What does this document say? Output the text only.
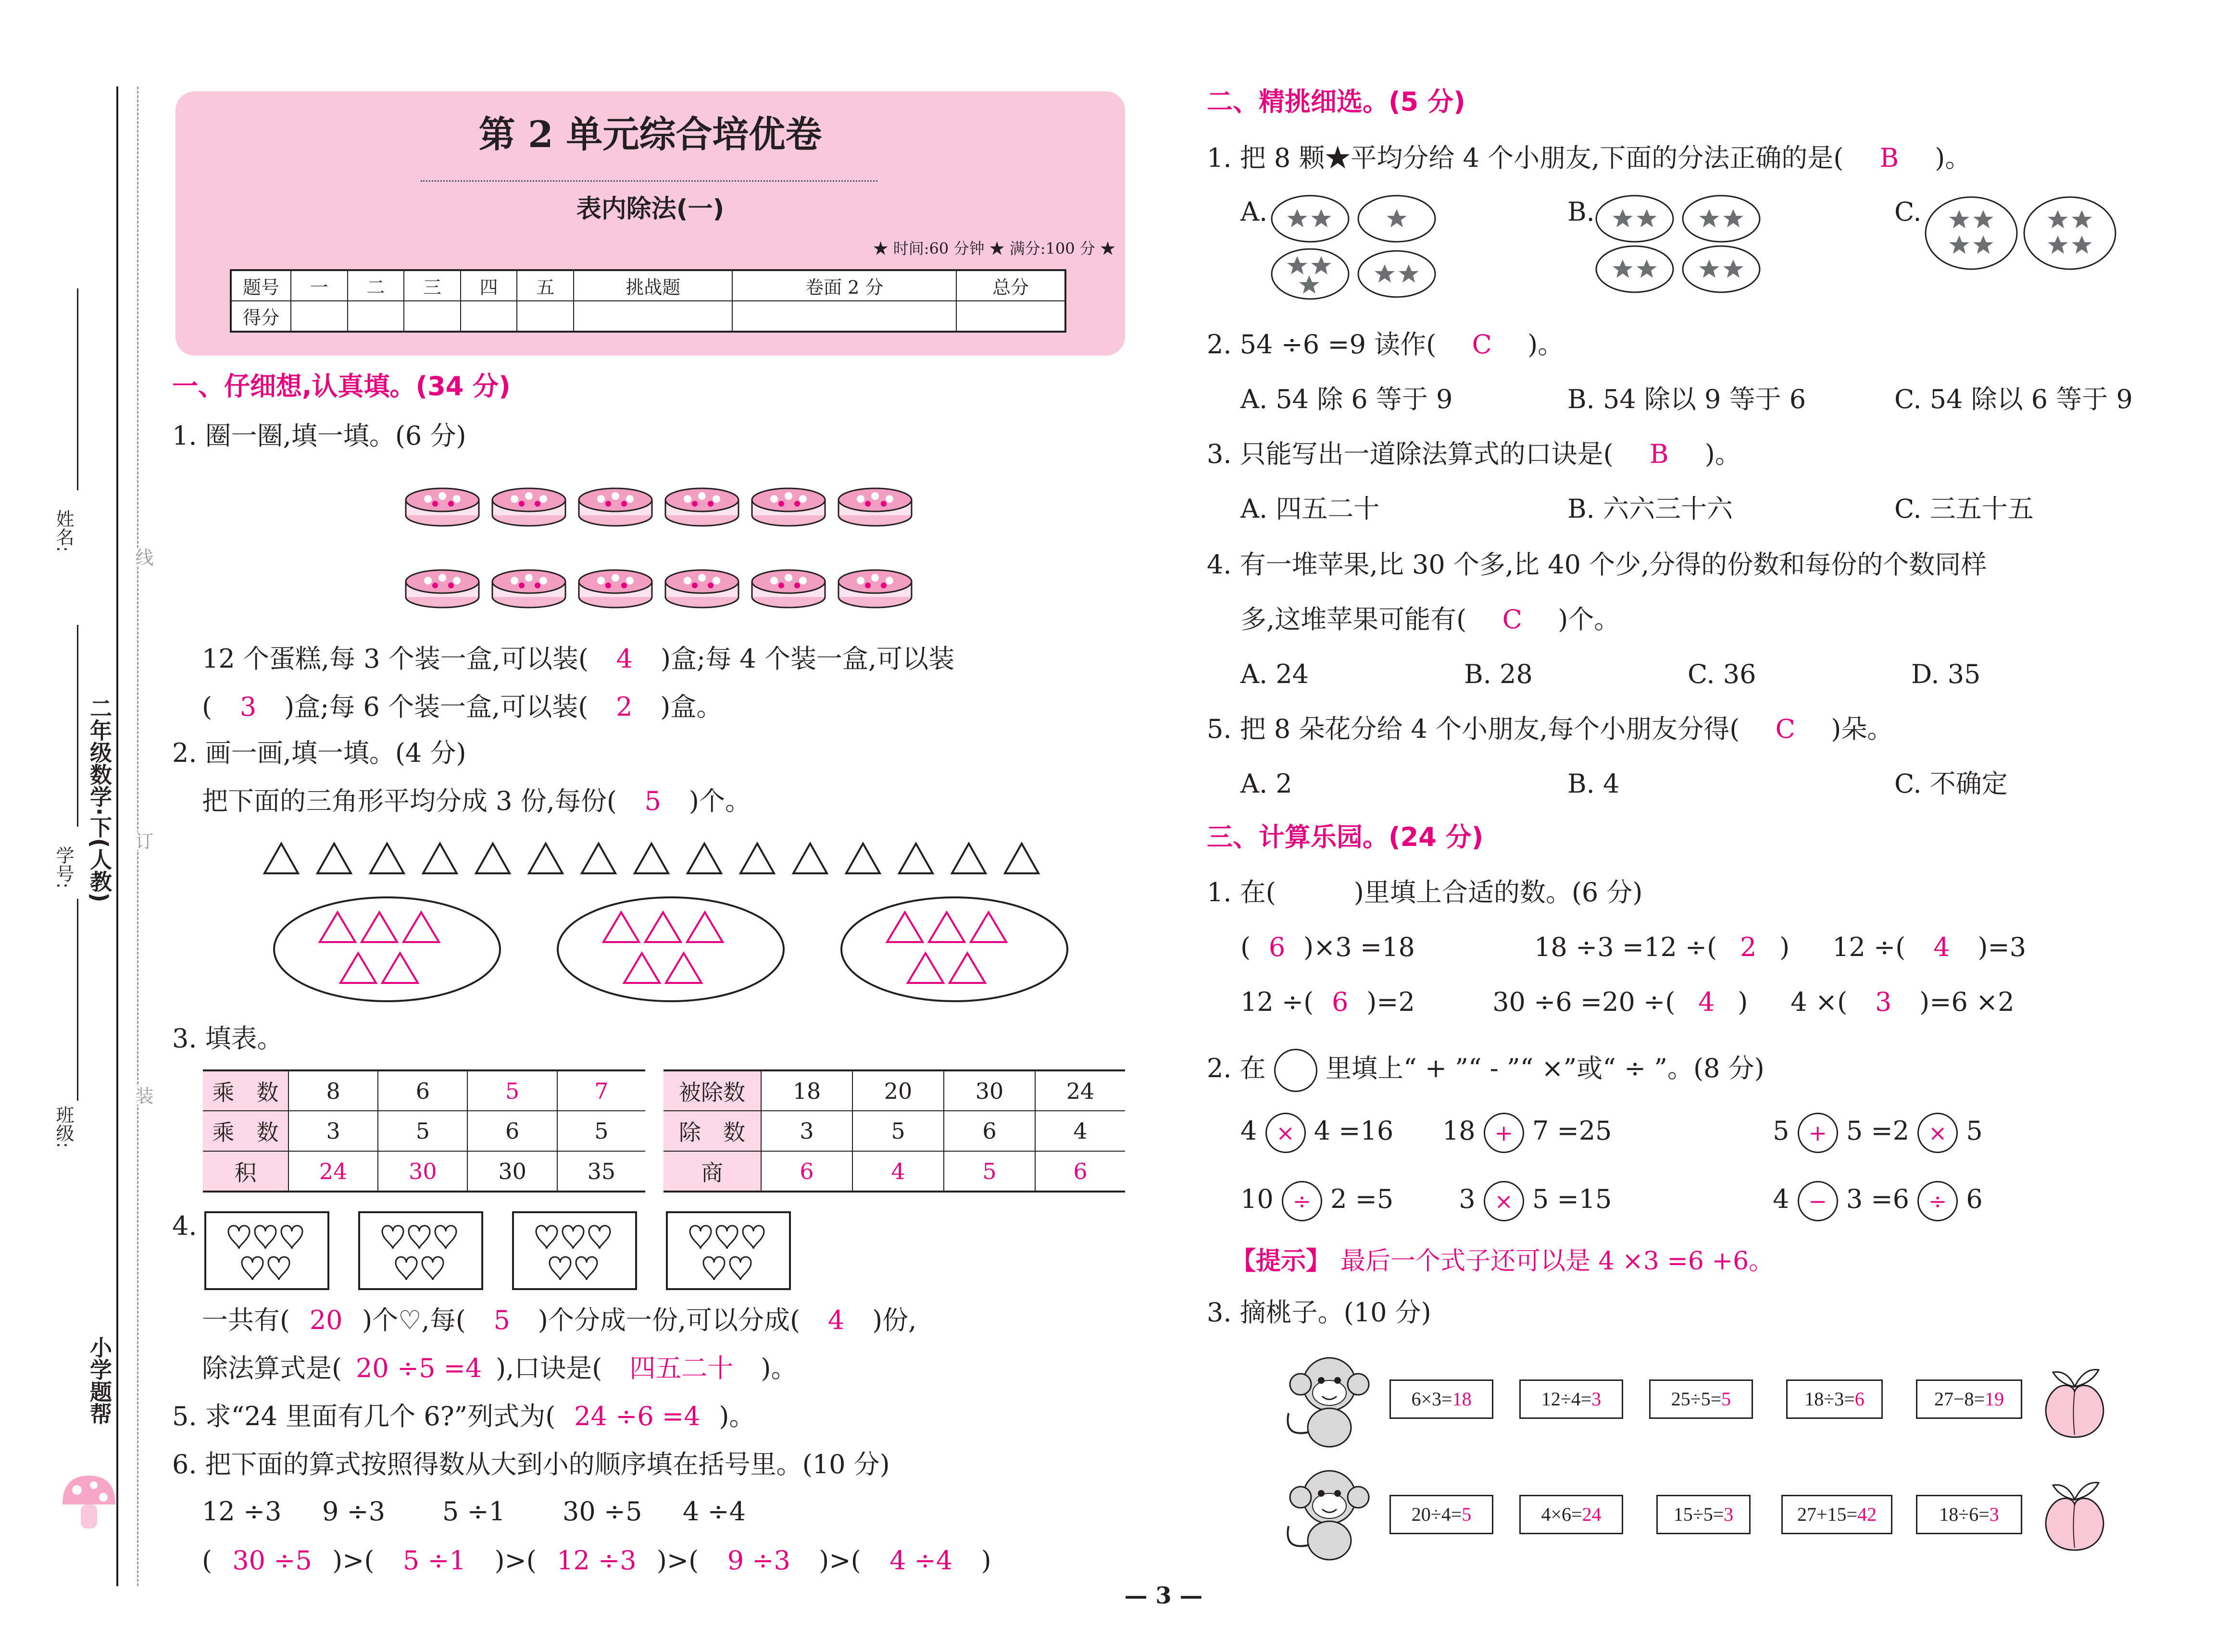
线
订
装
姓名:
学号: 二年级数学·下(人教)
班级:
小学题帮
第 2 单元综合培优卷
表内除法(一)
★ 时间:60 分钟 ★ 满分:100 分 ★
题号	一	二	三	四	五	挑战题	卷面 2 分	总分
得分								
一、仔细想,认真填。(34 分)
1. 圈一圈,填一填。(6 分)
12 个蛋糕,每 3 个装一盒,可以装( 4 )盒;每 4 个装一盒,可以装
( 3 )盒;每 6 个装一盒,可以装( 2 )盒。
2. 画一画,填一填。(4 分)
把下面的三角形平均分成 3 份,每份( 5 )个。
3. 填表。
乘　数	8	6	5	7
乘　数	3	5	6	5
积	24	30	30	35
被除数	18	20	30	24
除　数	3	5	6	4
商	6	4	5	6
4.
一共有( 20 )个♡,每( 5 )个分成一份,可以分成( 4 )份,
除法算式是( 20 ÷5 =4 ),口诀是( 四五二十 )。
5. 求“24 里面有几个 6?”列式为( 24 ÷6 =4 )。
6. 把下面的算式按照得数从大到小的顺序填在括号里。(10 分)
12 ÷3 9 ÷3 5 ÷1 30 ÷5 4 ÷4
( 30 ÷5 )>( 5 ÷1 )>( 12 ÷3 )>( 9 ÷3 )>( 4 ÷4 )
二、精挑细选。(5 分)
1. 把 8 颗★平均分给 4 个小朋友,下面的分法正确的是( B )。
A.	B.	C.
2. 54 ÷6 =9 读作( C )。
A. 54 除 6 等于 9	B. 54 除以 9 等于 6	C. 54 除以 6 等于 9
3. 只能写出一道除法算式的口诀是( B )。
A. 四五二十	B. 六六三十六	C. 三五十五
4. 有一堆苹果,比 30 个多,比 40 个少,分得的份数和每份的个数同样
多,这堆苹果可能有( C )个。
A. 24	B. 28	C. 36	D. 35
5. 把 8 朵花分给 4 个小朋友,每个小朋友分得( C )朵。
A. 2	B. 4	C. 不确定
三、计算乐园。(24 分)
1. 在(　　　)里填上合适的数。(6 分)
( 6 )×3 =18	18 ÷3 =12 ÷( 2 ) 12 ÷( 4 )=3
12 ÷( 6 )=2	30 ÷6 =20 ÷( 4 ) 4 ×( 3 )=6 ×2
2. 在 里填上“ + ”“ - ”“ ×”或“ ÷ ”。(8 分)
4 × 4 =16 18 + 7 =25	5 + 5 =2 × 5
10 ÷ 2 =5	3 × 5 =15	4 − 3 =6 ÷ 6
【提示】 最后一个式子还可以是 4 ×3 =6 +6。
3. 摘桃子。(10 分)
6×3=18	12÷4=3	25÷5=5	18÷3=6	27−8=19
20÷4=5	4×6=24	15÷5=3	27+15=42	18÷6=3
— 3 —
